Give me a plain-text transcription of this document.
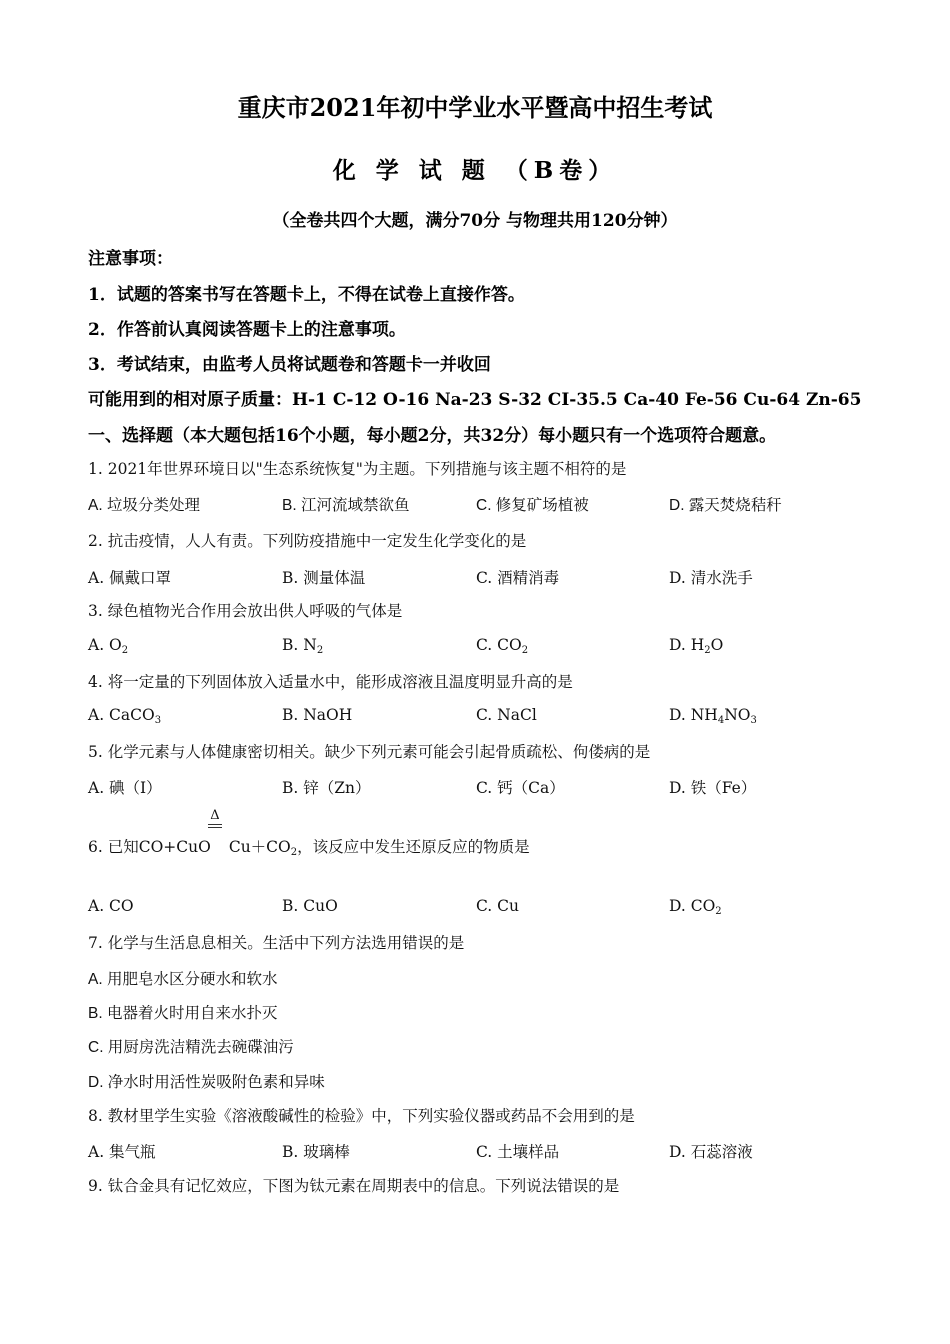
重庆市2021年初中学业水平暨高中招生考试
化 学 试 题 （B卷）
（全卷共四个大题，满分70分 与物理共用120分钟）
注意事项：
1．试题的答案书写在答题卡上，不得在试卷上直接作答。
2．作答前认真阅读答题卡上的注意事项。
3．考试结束，由监考人员将试题卷和答题卡一并收回
可能用到的相对原子质量：H-1 C-12 O-16 Na-23 S-32 CI-35.5 Ca-40 Fe-56 Cu-64 Zn-65
一、选择题（本大题包括16个小题，每小题2分，共32分）每小题只有一个选项符合题意。
1. 2021年世界环境日以"生态系统恢复"为主题。下列措施与该主题不相符的是
A. 垃圾分类处理	B. 江河流域禁欲鱼	C. 修复矿场植被	D. 露天焚烧秸秆
2. 抗击疫情，人人有责。下列防疫措施中一定发生化学变化的是
A. 佩戴口罩	B. 测量体温	C. 酒精消毒	D. 清水洗手
3. 绿色植物光合作用会放出供人呼吸的气体是
A. $O_2$	B. $N_2$	C. $CO_2$	D. $H_2O$
4. 将一定量的下列固体放入适量水中，能形成溶液且温度明显升高的是
A. CaCO$_3$	B. NaOH	C. NaCl	D. $NH_4NO_3$
5. 化学元素与人体健康密切相关。缺少下列元素可能会引起骨质疏松、佝偻病的是
A. 碘（I）	B. 锌（Zn）	C. 钙（Ca）	D. 铁（Fe）
Δ
6. 已知CO+CuO $Cu+CO_2$，该反应中发生还原反应的物质是
A. CO	B. CuO	C. Cu	D. $CO_2$
7. 化学与生活息息相关。生活中下列方法选用错误的是
A. 用肥皂水区分硬水和软水
B. 电器着火时用自来水扑灭
C. 用厨房洗洁精洗去碗碟油污
D. 净水时用活性炭吸附色素和异味
8. 教材里学生实验《溶液酸碱性的检验》中，下列实验仪器或药品不会用到的是
A. 集气瓶	B. 玻璃棒	C. 土壤样品	D. 石蕊溶液
9. 钛合金具有记忆效应，下图为钛元素在周期表中的信息。下列说法错误的是
